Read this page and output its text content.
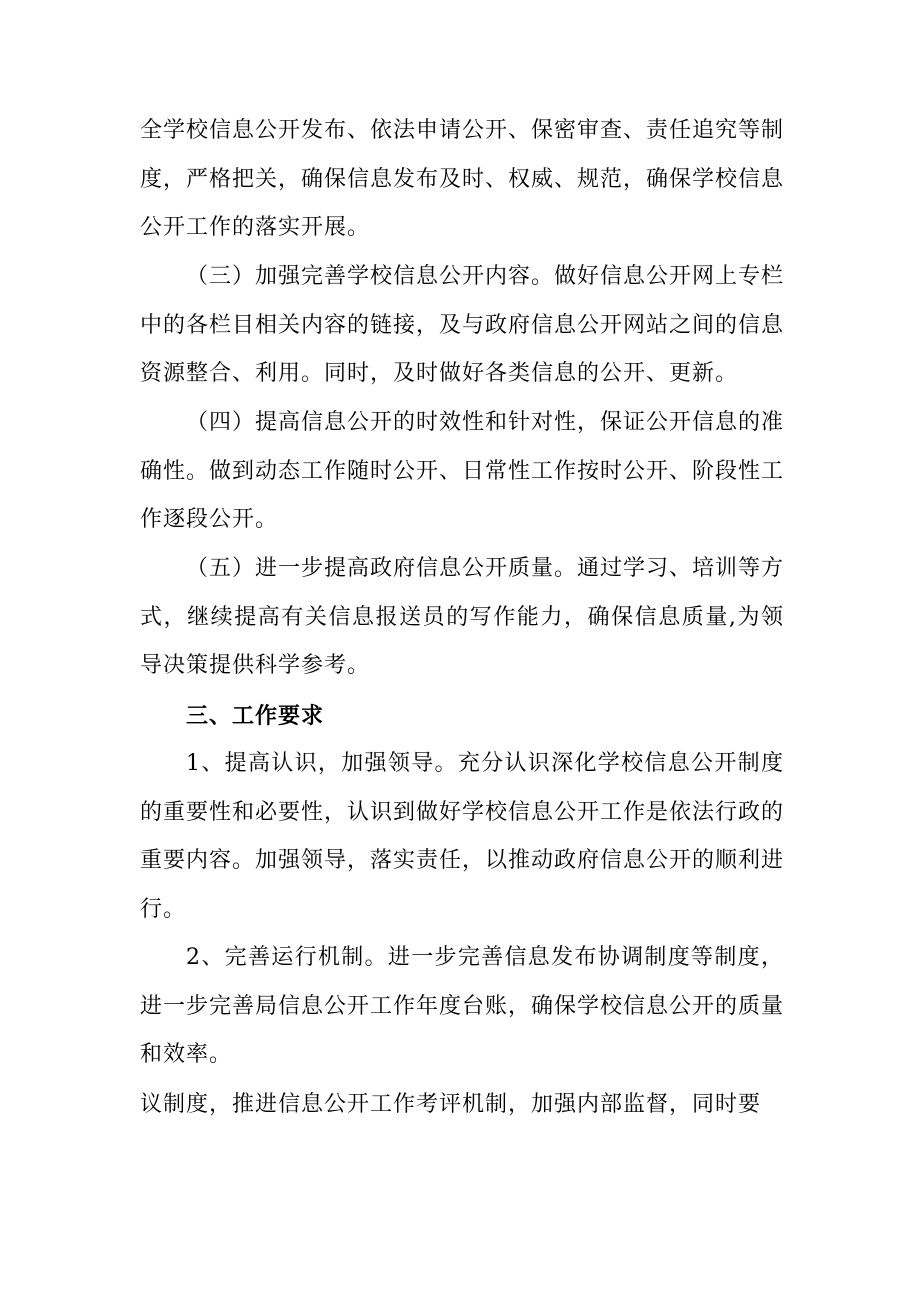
全学校信息公开发布、依法申请公开、保密审查、责任追究等制度，严格把关，确保信息发布及时、权威、规范，确保学校信息公开工作的落实开展。

（三）加强完善学校信息公开内容。做好信息公开网上专栏中的各栏目相关内容的链接，及与政府信息公开网站之间的信息资源整合、利用。同时，及时做好各类信息的公开、更新。

（四）提高信息公开的时效性和针对性，保证公开信息的准确性。做到动态工作随时公开、日常性工作按时公开、阶段性工作逐段公开。

（五）进一步提高政府信息公开质量。通过学习、培训等方式，继续提高有关信息报送员的写作能力，确保信息质量,为领导决策提供科学参考。

三、工作要求

1、提高认识，加强领导。充分认识深化学校信息公开制度的重要性和必要性，认识到做好学校信息公开工作是依法行政的重要内容。加强领导，落实责任，以推动政府信息公开的顺利进行。

2、完善运行机制。进一步完善信息发布协调制度等制度，进一步完善局信息公开工作年度台账，确保学校信息公开的质量和效率。

议制度，推进信息公开工作考评机制，加强内部监督，同时要
